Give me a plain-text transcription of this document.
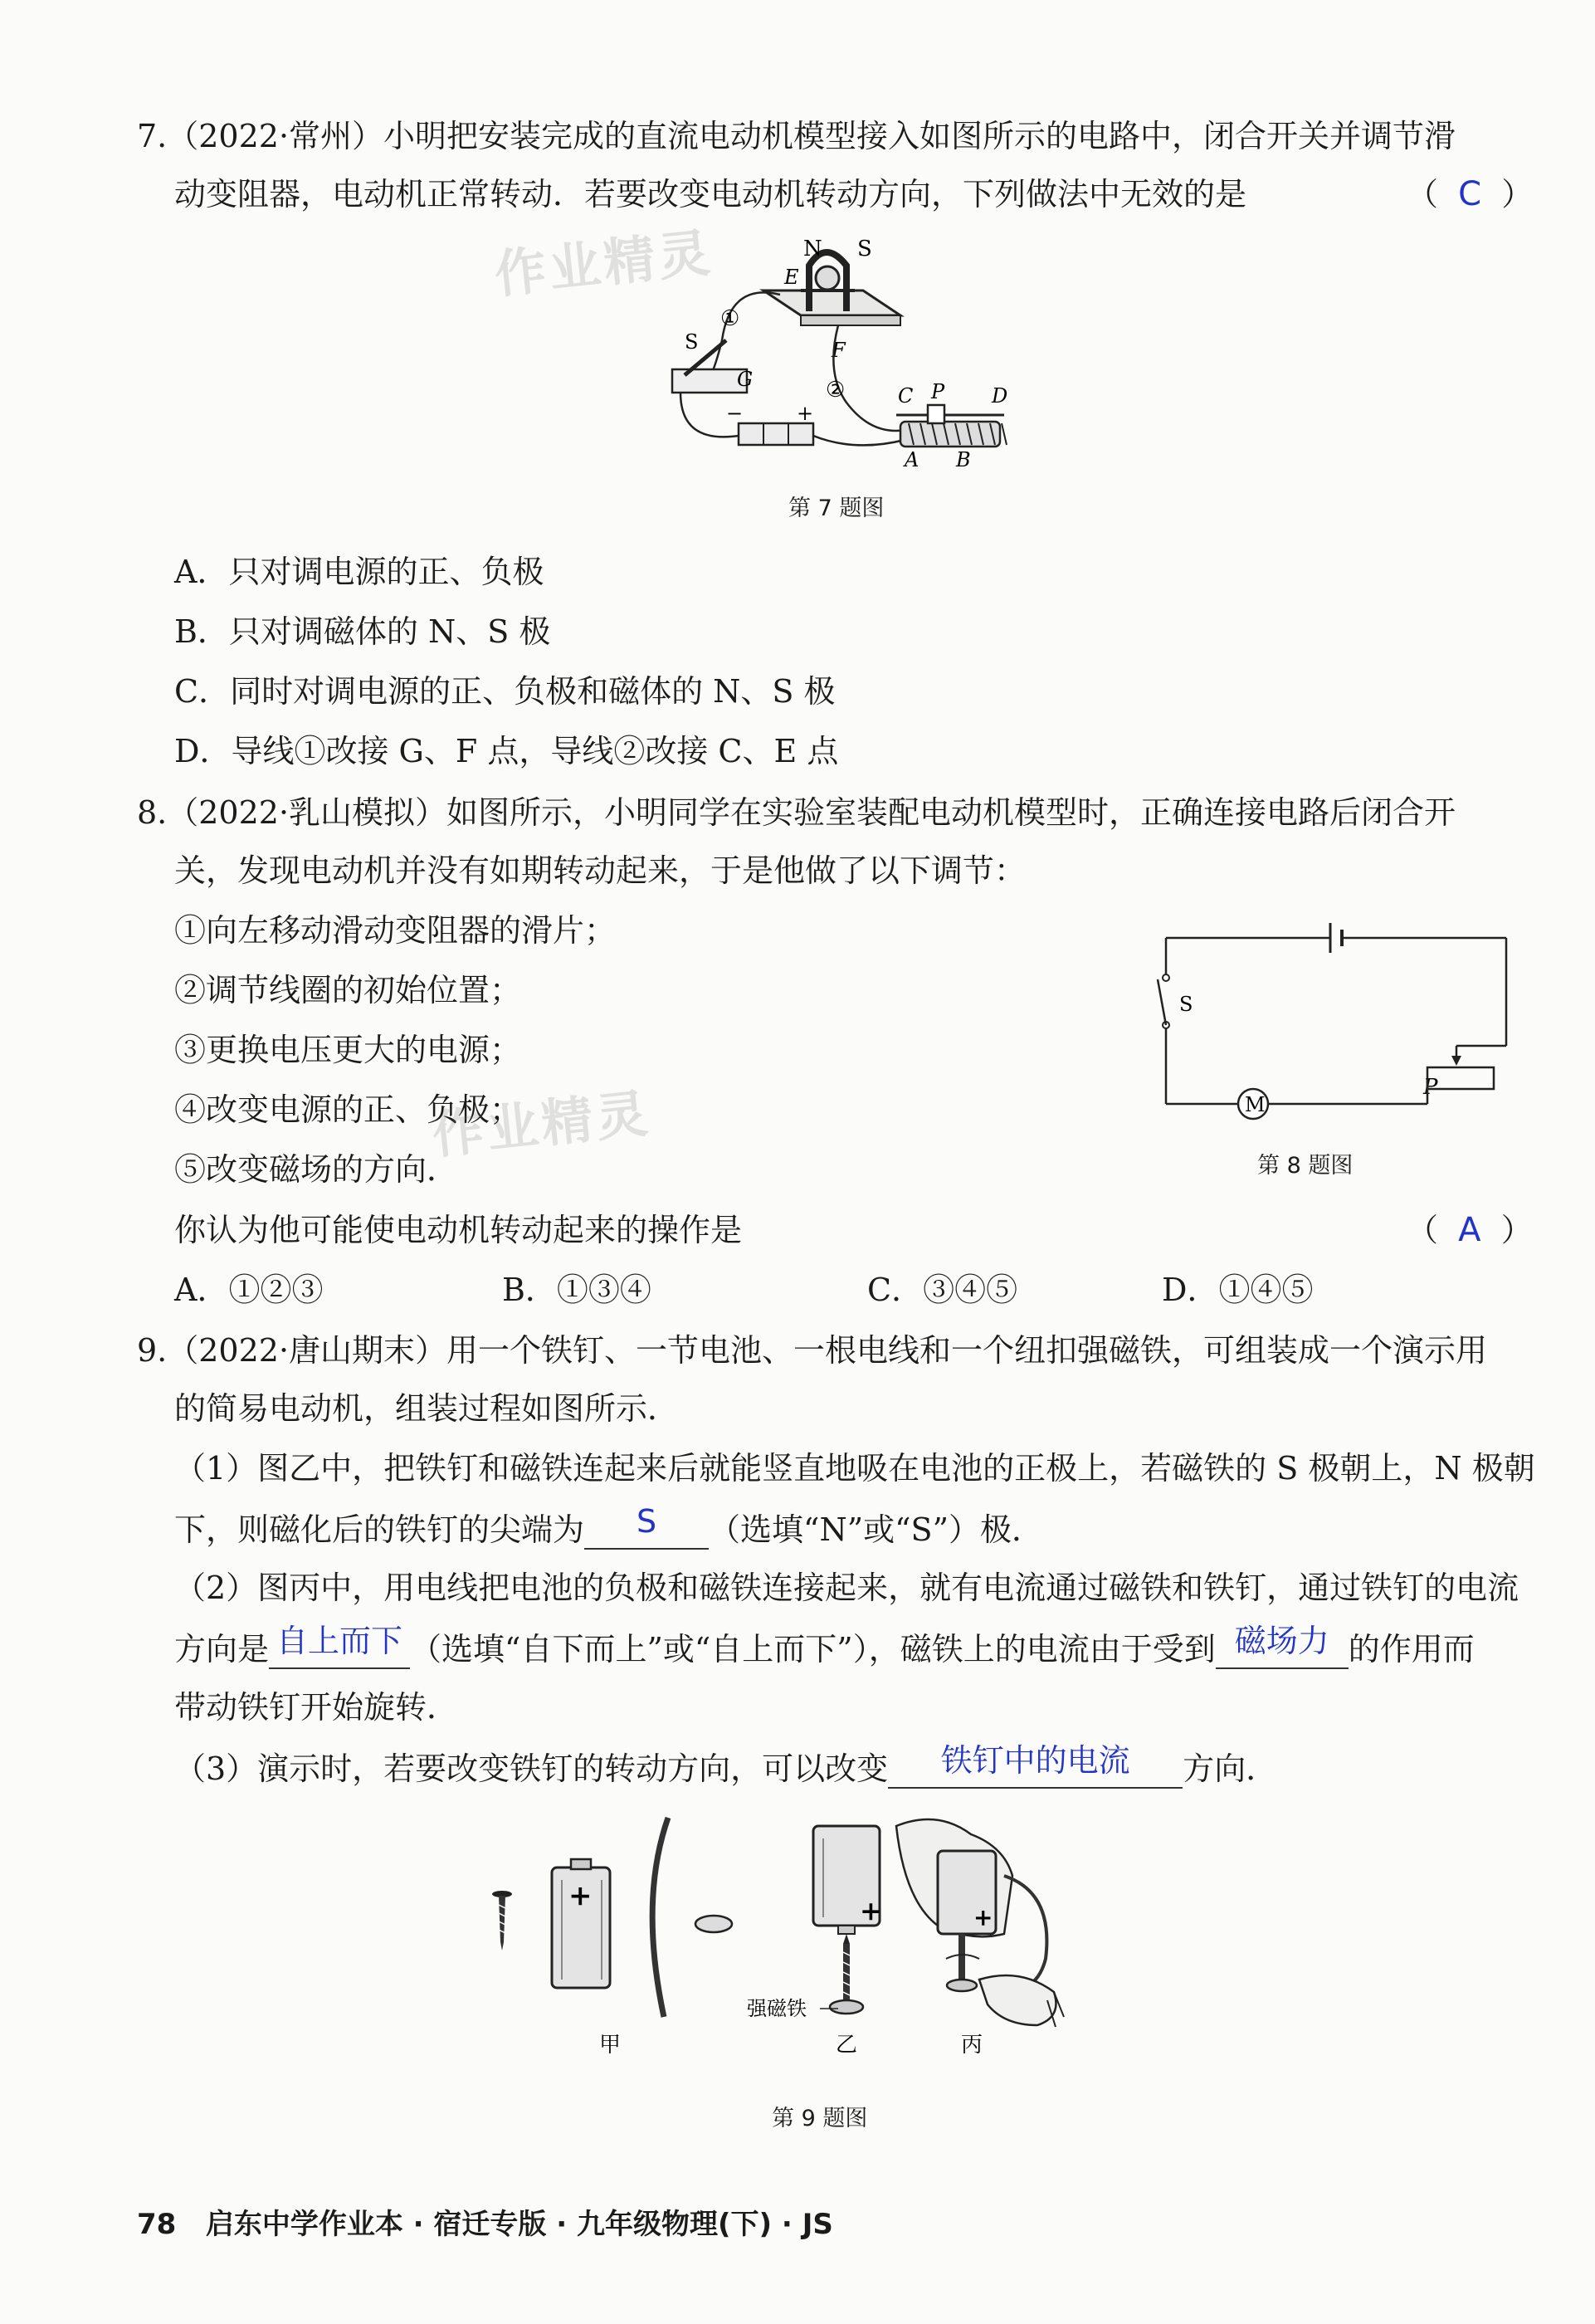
7.（2022·常州）小明把安装完成的直流电动机模型接入如图所示的电路中，闭合开关并调节滑
动变阻器，电动机正常转动．若要改变电动机转动方向，下列做法中无效的是	（  C  ）
作业精灵	N S
E
F
①
②
S
G
−	+
C P D
A B
第 7 题图
A．只对调电源的正、负极
B．只对调磁体的 N、S 极
C．同时对调电源的正、负极和磁体的 N、S 极
D．导线①改接 G、F 点，导线②改接 C、E 点
8.（2022·乳山模拟）如图所示，小明同学在实验室装配电动机模型时，正确连接电路后闭合开
关，发现电动机并没有如期转动起来，于是他做了以下调节：
①向左移动滑动变阻器的滑片；
②调节线圈的初始位置；
③更换电压更大的电源；
④改变电源的正、负极；
⑤改变磁场的方向．
你认为他可能使电动机转动起来的操作是	（  A  ）
作业精灵	P
M
S
第 8 题图
A．①②③	B．①③④	C．③④⑤	D．①④⑤
9.（2022·唐山期末）用一个铁钉、一节电池、一根电线和一个纽扣强磁铁，可组装成一个演示用
的简易电动机，组装过程如图所示．
（1）图乙中，把铁钉和磁铁连起来后就能竖直地吸在电池的正极上，若磁铁的 S 极朝上，N 极朝
下，则磁化后的铁钉的尖端为 S （选填“N”或“S”）极．
（2）图丙中，用电线把电池的负极和磁铁连接起来，就有电流通过磁铁和铁钉，通过铁钉的电流
方向是 自上而下 （选填“自下而上”或“自上而下”），磁铁上的电流由于受到 磁场力 的作用而
带动铁钉开始旋转．
（3）演示时，若要改变铁钉的转动方向，可以改变 铁钉中的电流 方向．
+
甲
+
强磁铁
乙
+
丙
第 9 题图
78 启东中学作业本 · 宿迁专版 · 九年级物理(下) · JS
